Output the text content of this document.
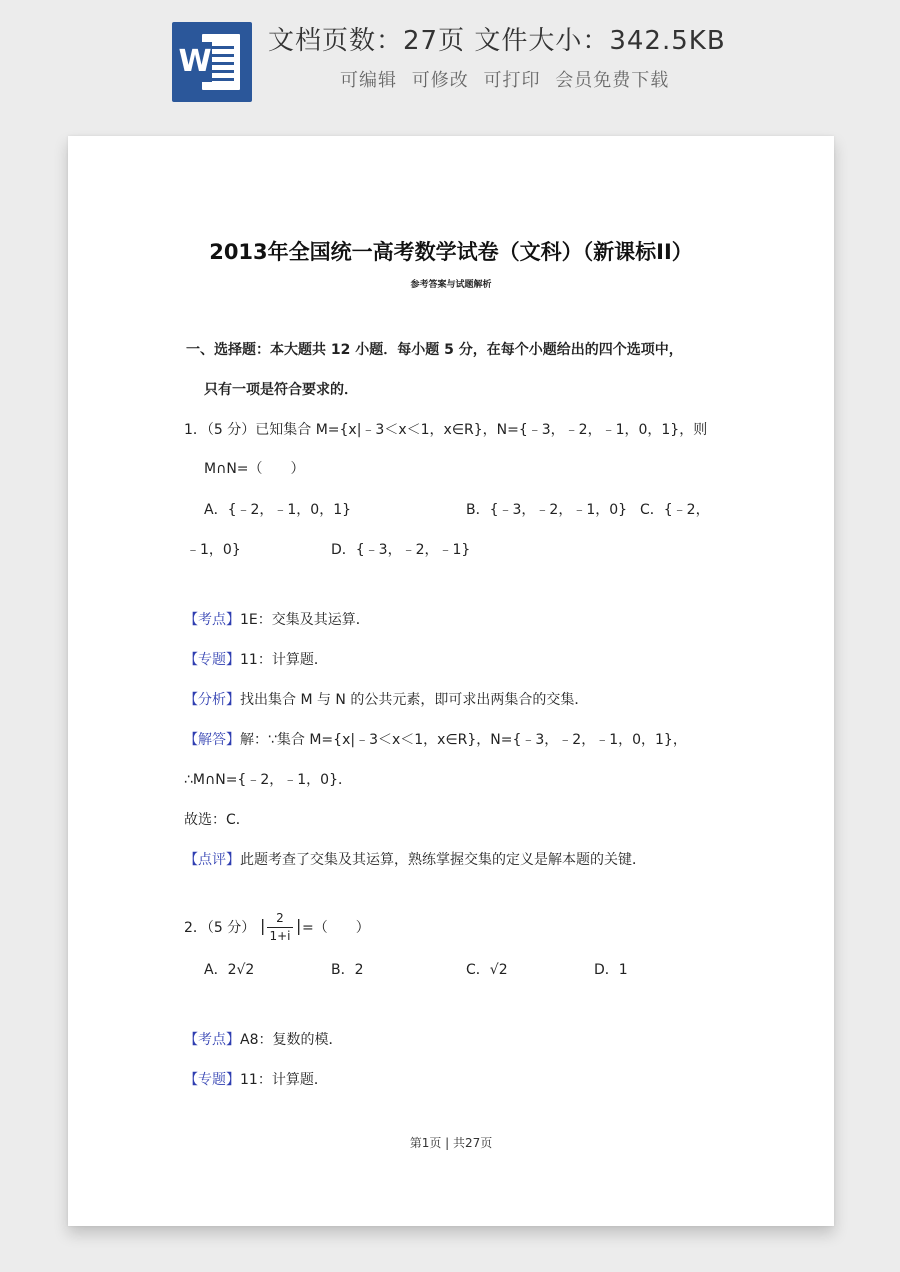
W
文档页数：27页 文件大小：342.5KB
可编辑 可修改 可打印 会员免费下载
2013年全国统一高考数学试卷（文科）（新课标II）
参考答案与试题解析
一、选择题：本大题共 12 小题．每小题 5 分，在每个小题给出的四个选项中，
只有一项是符合要求的．
1．（5 分）已知集合 M={x|﹣3＜x＜1，x∈R}，N={﹣3，﹣2，﹣1，0，1}，则
M∩N=（　　）
A．{﹣2，﹣1，0，1}	B．{﹣3，﹣2，﹣1，0} C．{﹣2，
﹣1，0}	D．{﹣3，﹣2，﹣1}
【考点】1E：交集及其运算．
【专题】11：计算题．
【分析】找出集合 M 与 N 的公共元素，即可求出两集合的交集．
【解答】解：∵集合 M={x|﹣3＜x＜1，x∈R}，N={﹣3，﹣2，﹣1，0，1}，
∴M∩N={﹣2，﹣1，0}．
故选：C．
【点评】此题考查了交集及其运算，熟练掌握交集的定义是解本题的关键．
2．（5 分） | 2
1+i
| =（　　）
A．2√2	B．2	C．√2	D．1
【考点】A8：复数的模．
【专题】11：计算题．
第1页 | 共27页
